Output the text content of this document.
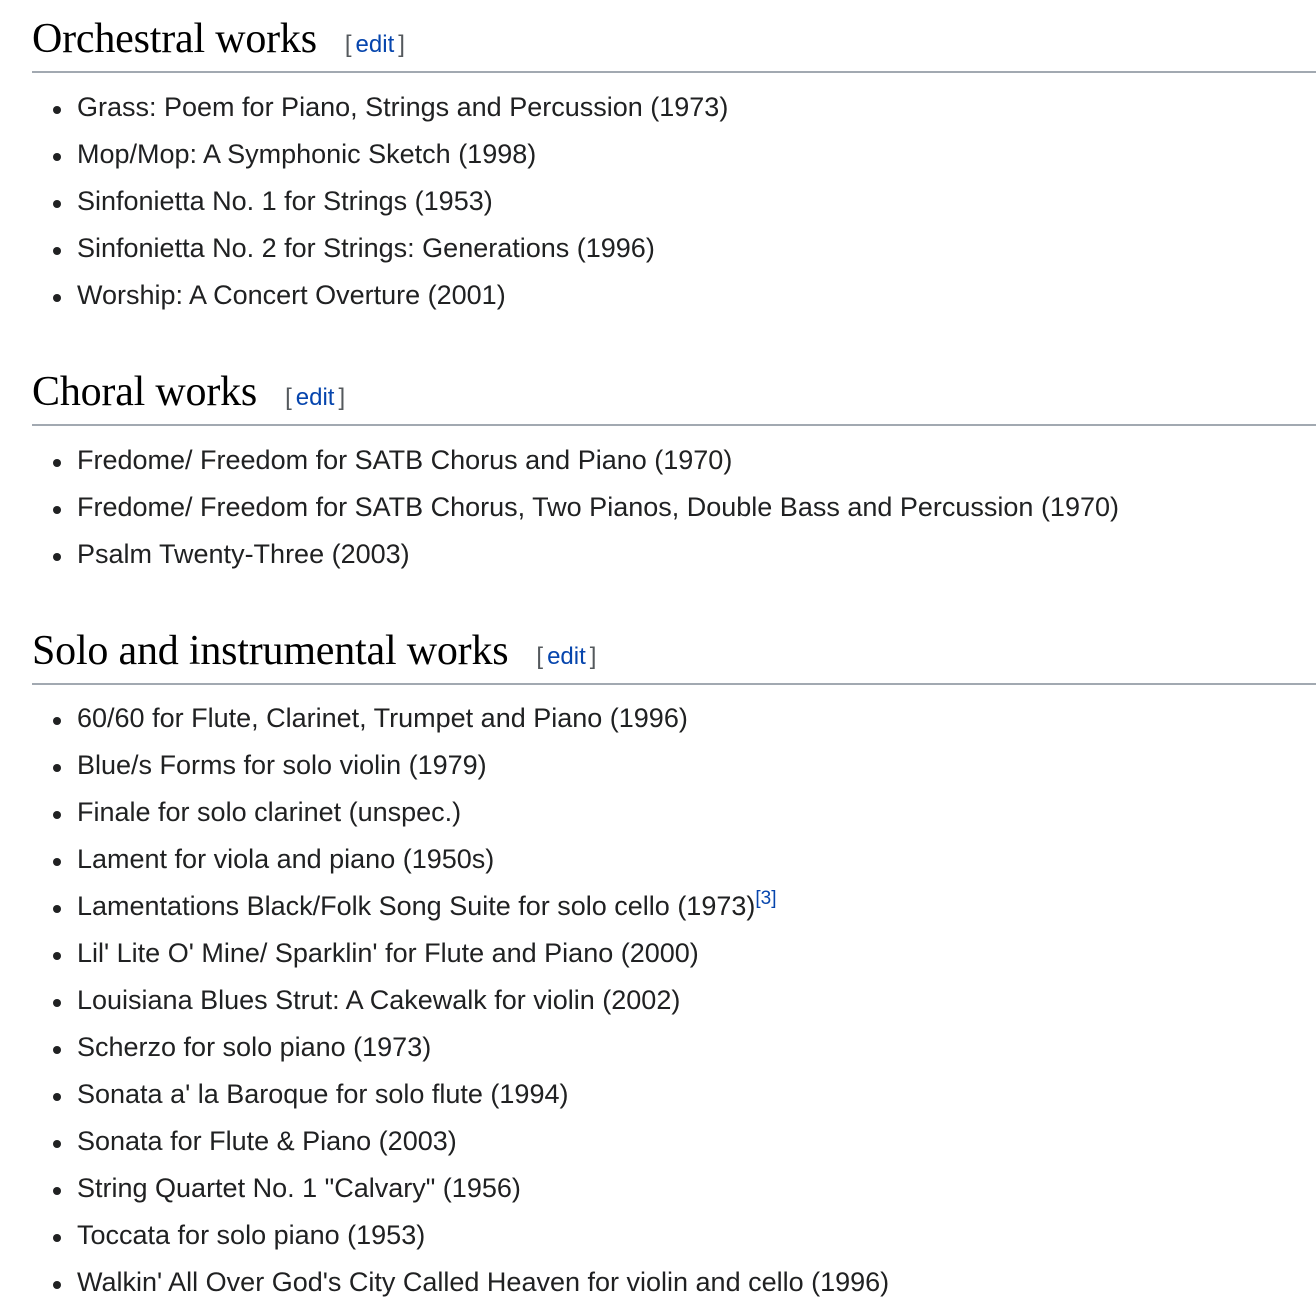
Orchestral works [ edit ]
Grass: Poem for Piano, Strings and Percussion (1973)
Mop/Mop: A Symphonic Sketch (1998)
Sinfonietta No. 1 for Strings (1953)
Sinfonietta No. 2 for Strings: Generations (1996)
Worship: A Concert Overture (2001)
Choral works [ edit ]
Fredome/ Freedom for SATB Chorus and Piano (1970)
Fredome/ Freedom for SATB Chorus, Two Pianos, Double Bass and Percussion (1970)
Psalm Twenty-Three (2003)
Solo and instrumental works [ edit ]
60/60 for Flute, Clarinet, Trumpet and Piano (1996)
Blue/s Forms for solo violin (1979)
Finale for solo clarinet (unspec.)
Lament for viola and piano (1950s)
Lamentations Black/Folk Song Suite for solo cello (1973)[3]
Lil' Lite O' Mine/ Sparklin' for Flute and Piano (2000)
Louisiana Blues Strut: A Cakewalk for violin (2002)
Scherzo for solo piano (1973)
Sonata a' la Baroque for solo flute (1994)
Sonata for Flute & Piano (2003)
String Quartet No. 1 "Calvary" (1956)
Toccata for solo piano (1953)
Walkin' All Over God's City Called Heaven for violin and cello (1996)
